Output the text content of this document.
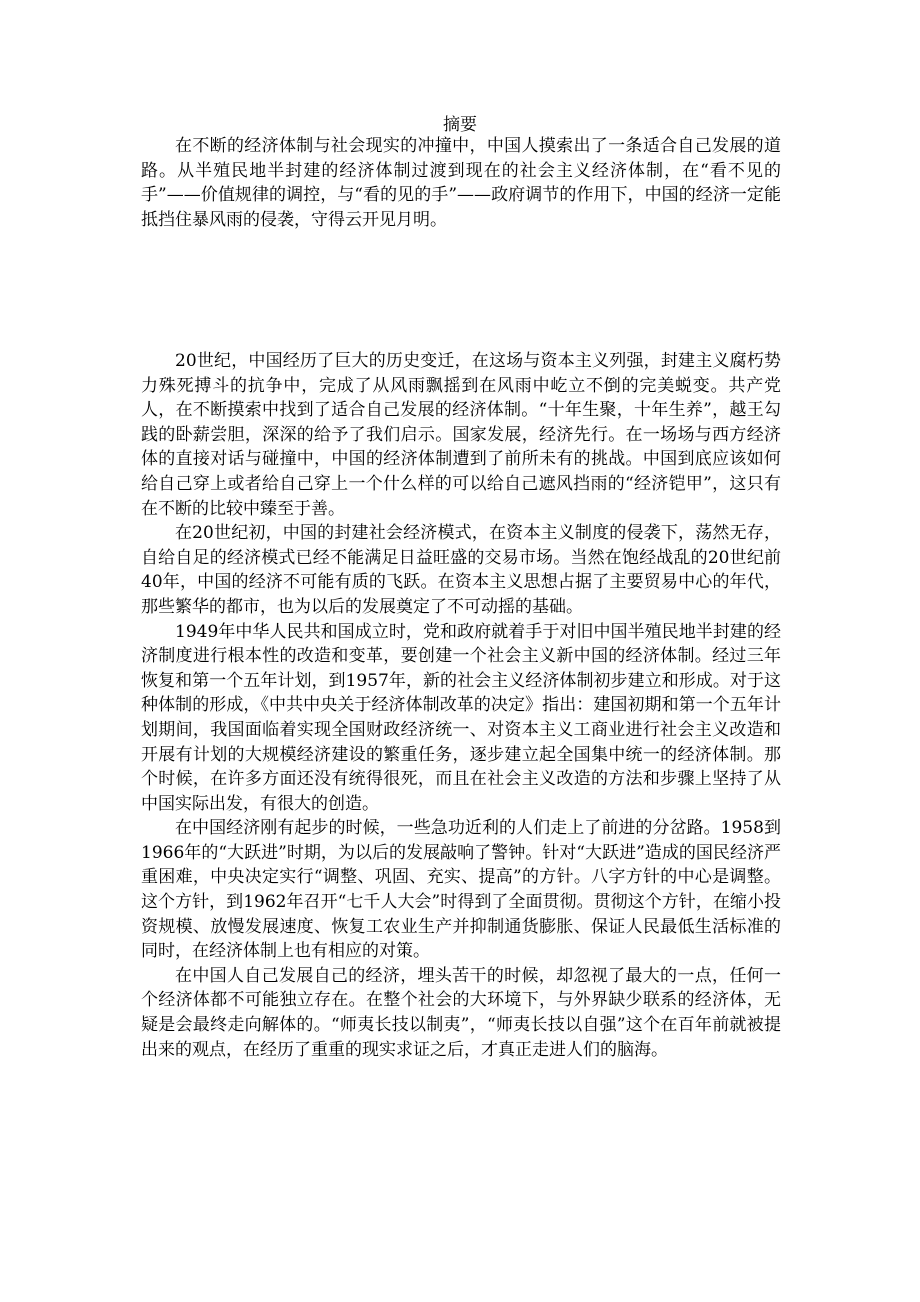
摘要

在不断的经济体制与社会现实的冲撞中，中国人摸索出了一条适合自己发展的道路。从半殖民地半封建的经济体制过渡到现在的社会主义经济体制，在“看不见的手”——价值规律的调控，与“看的见的手”——政府调节的作用下，中国的经济一定能抵挡住暴风雨的侵袭，守得云开见月明。

20世纪，中国经历了巨大的历史变迁，在这场与资本主义列强，封建主义腐朽势力殊死搏斗的抗争中，完成了从风雨飘摇到在风雨中屹立不倒的完美蜕变。共产党人，在不断摸索中找到了适合自己发展的经济体制。“十年生聚，十年生养”，越王勾践的卧薪尝胆，深深的给予了我们启示。国家发展，经济先行。在一场场与西方经济体的直接对话与碰撞中，中国的经济体制遭到了前所未有的挑战。中国到底应该如何给自己穿上或者给自己穿上一个什么样的可以给自己遮风挡雨的“经济铠甲”，这只有在不断的比较中臻至于善。

在20世纪初，中国的封建社会经济模式，在资本主义制度的侵袭下，荡然无存，自给自足的经济模式已经不能满足日益旺盛的交易市场。当然在饱经战乱的20世纪前40年，中国的经济不可能有质的飞跃。在资本主义思想占据了主要贸易中心的年代，那些繁华的都市，也为以后的发展奠定了不可动摇的基础。

1949年中华人民共和国成立时，党和政府就着手于对旧中国半殖民地半封建的经济制度进行根本性的改造和变革，要创建一个社会主义新中国的经济体制。经过三年恢复和第一个五年计划，到1957年，新的社会主义经济体制初步建立和形成。对于这种体制的形成，《中共中央关于经济体制改革的决定》指出：建国初期和第一个五年计划期间，我国面临着实现全国财政经济统一、对资本主义工商业进行社会主义改造和开展有计划的大规模经济建设的繁重任务，逐步建立起全国集中统一的经济体制。那个时候，在许多方面还没有统得很死，而且在社会主义改造的方法和步骤上坚持了从中国实际出发，有很大的创造。

在中国经济刚有起步的时候，一些急功近利的人们走上了前进的分岔路。1958到1966年的“大跃进”时期，为以后的发展敲响了警钟。针对“大跃进”造成的国民经济严重困难，中央决定实行“调整、巩固、充实、提高”的方针。八字方针的中心是调整。这个方针，到1962年召开“七千人大会”时得到了全面贯彻。贯彻这个方针，在缩小投资规模、放慢发展速度、恢复工农业生产并抑制通货膨胀、保证人民最低生活标准的同时，在经济体制上也有相应的对策。

在中国人自己发展自己的经济，埋头苦干的时候，却忽视了最大的一点，任何一个经济体都不可能独立存在。在整个社会的大环境下，与外界缺少联系的经济体，无疑是会最终走向解体的。“师夷长技以制夷”，“师夷长技以自强”这个在百年前就被提出来的观点，在经历了重重的现实求证之后，才真正走进人们的脑海。
